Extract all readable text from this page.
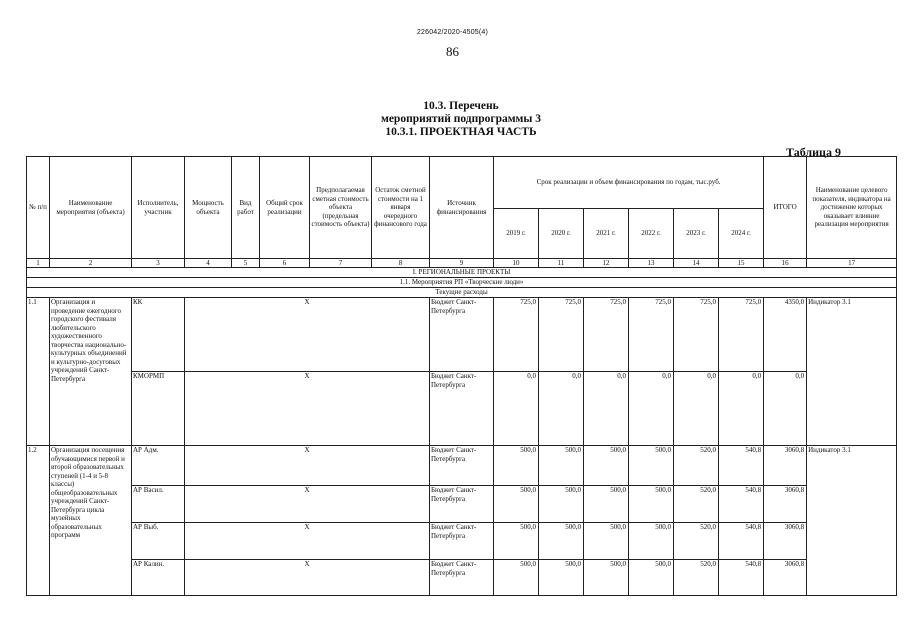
226042/2020-4505(4)
86
10.3. Перечень
мероприятий подпрограммы 3
10.3.1. ПРОЕКТНАЯ ЧАСТЬ
Таблица 9
№ п/п	Наименование мероприятия (объекта)	Исполнитель, участник	Мощность объекта	Вид работ	Общий срок реализации	Предполагаемая сметная стоимость объекта (предельная стоимость объекта)	Остаток сметной стоимости на 1 января очередного финансового года	Источник финансирования	Срок реализации и объем финансирования по годам, тыс.руб.						ИТОГО	Наименование целевого показателя, индикатора на достижение которых оказывает влияние реализация мероприятия
									2019 г.	2020 г.	2021 г.	2022 г.	2023 г.	2024 г.		
1	2	3	4	5	6	7	8	9	10	11	12	13	14	15	16	17
I. РЕГИОНАЛЬНЫЕ ПРОЕКТЫ																
1.1. Мероприятия РП «Творческие люди»																
Текущие расходы																
1.1	Организация и проведение ежегодного городского фестиваля любительского художественного творчества национально-культурных объединений и культурно-досуговых учреждений Санкт-Петербурга	КК	Х					Бюджет Санкт-Петербурга	725,0	725,0	725,0	725,0	725,0	725,0	4350,0	Индикатор 3.1
		КМОРМП	Х					Бюджет Санкт-Петербурга	0,0	0,0	0,0	0,0	0,0	0,0	0,0	
1.2	Организация посещения обучающимися первой и второй образовательных ступеней (1-4 и 5-8 классы) общеобразовательных учреждений Санкт-Петербурга цикла музейных образовательных программ	АР Адм.	Х					Бюджет Санкт-Петербурга	500,0	500,0	500,0	500,0	520,0	540,8	3060,8	Индикатор 3.1
		АР Васил.	Х					Бюджет Санкт-Петербурга	500,0	500,0	500,0	500,0	520,0	540,8	3060,8	
		АР Выб.	Х					Бюджет Санкт-Петербурга	500,0	500,0	500,0	500,0	520,0	540,8	3060,8	
		АР Калин.	Х					Бюджет Санкт-Петербурга	500,0	500,0	500,0	500,0	520,0	540,8	3060,8	
